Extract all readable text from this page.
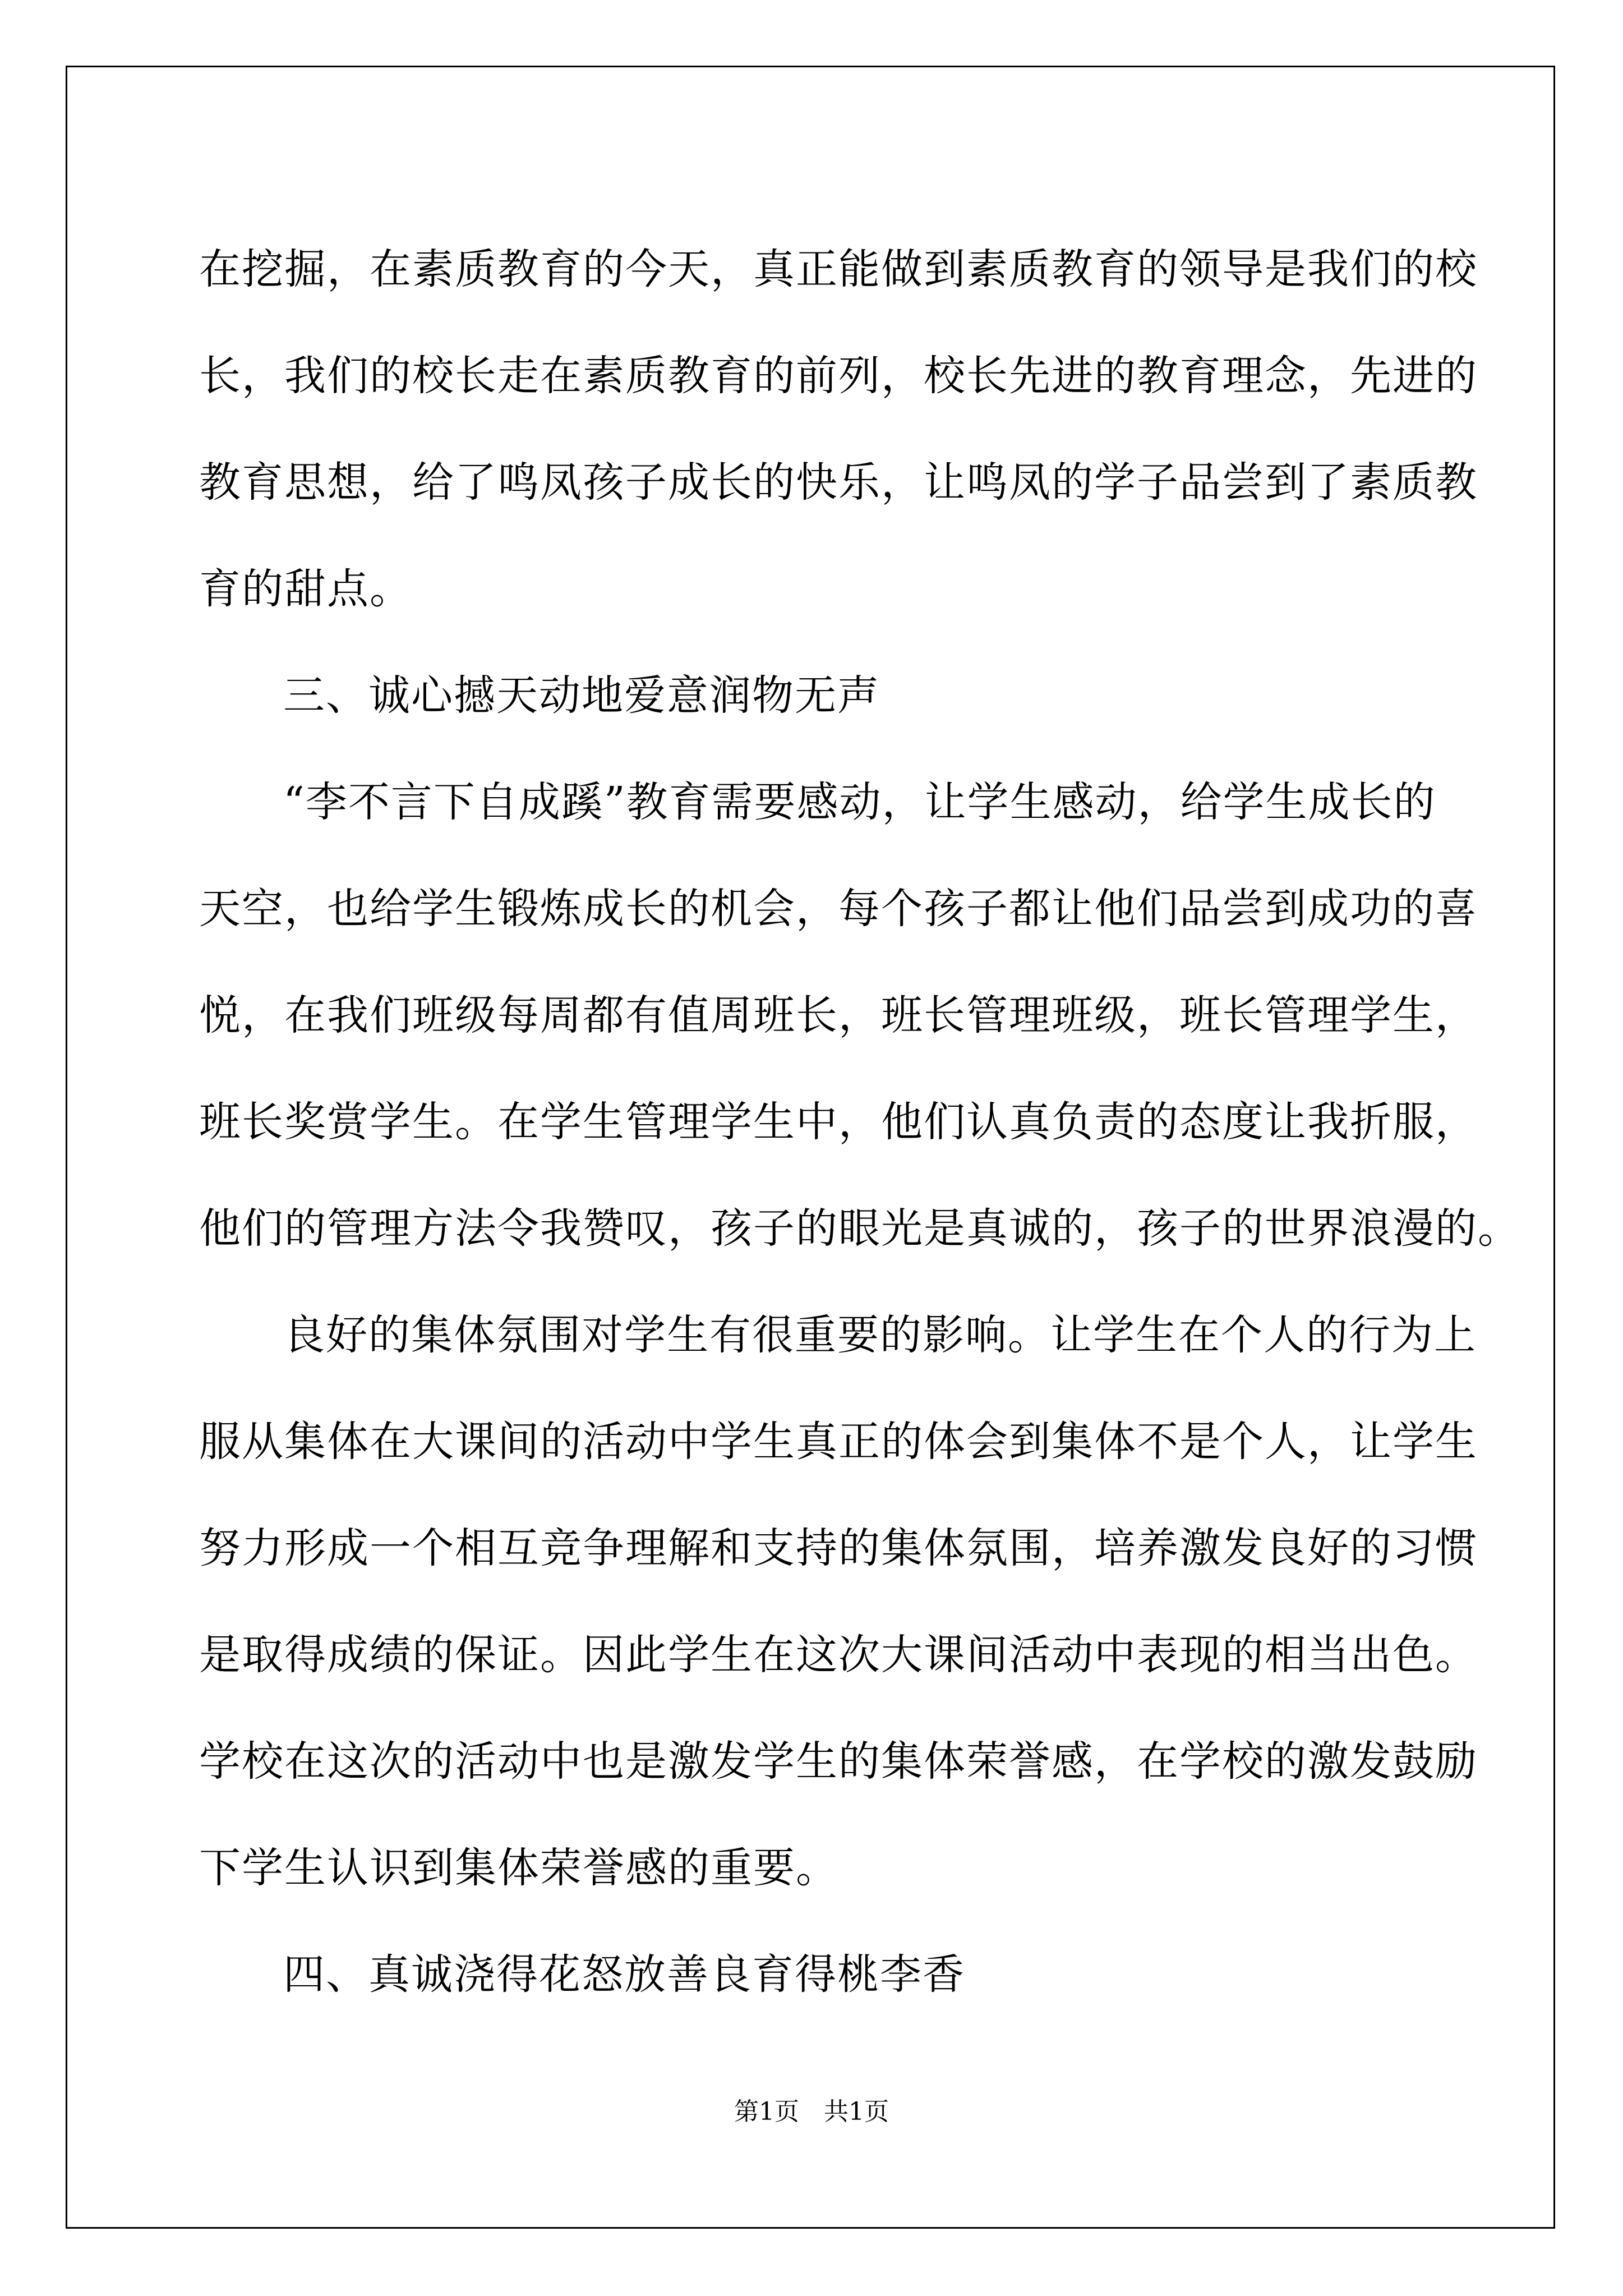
在挖掘，在素质教育的今天，真正能做到素质教育的领导是我们的校
长，我们的校长走在素质教育的前列，校长先进的教育理念，先进的
教育思想，给了鸣凤孩子成长的快乐，让鸣凤的学子品尝到了素质教
育的甜点。
三、诚心撼天动地爱意润物无声
“李不言下自成蹊”教育需要感动，让学生感动，给学生成长的
天空，也给学生锻炼成长的机会，每个孩子都让他们品尝到成功的喜
悦，在我们班级每周都有值周班长，班长管理班级，班长管理学生，
班长奖赏学生。在学生管理学生中，他们认真负责的态度让我折服，
他们的管理方法令我赞叹，孩子的眼光是真诚的，孩子的世界浪漫的。
良好的集体氛围对学生有很重要的影响。让学生在个人的行为上
服从集体在大课间的活动中学生真正的体会到集体不是个人，让学生
努力形成一个相互竞争理解和支持的集体氛围，培养激发良好的习惯
是取得成绩的保证。因此学生在这次大课间活动中表现的相当出色。
学校在这次的活动中也是激发学生的集体荣誉感，在学校的激发鼓励
下学生认识到集体荣誉感的重要。
四、真诚浇得花怒放善良育得桃李香
第1页　共1页
